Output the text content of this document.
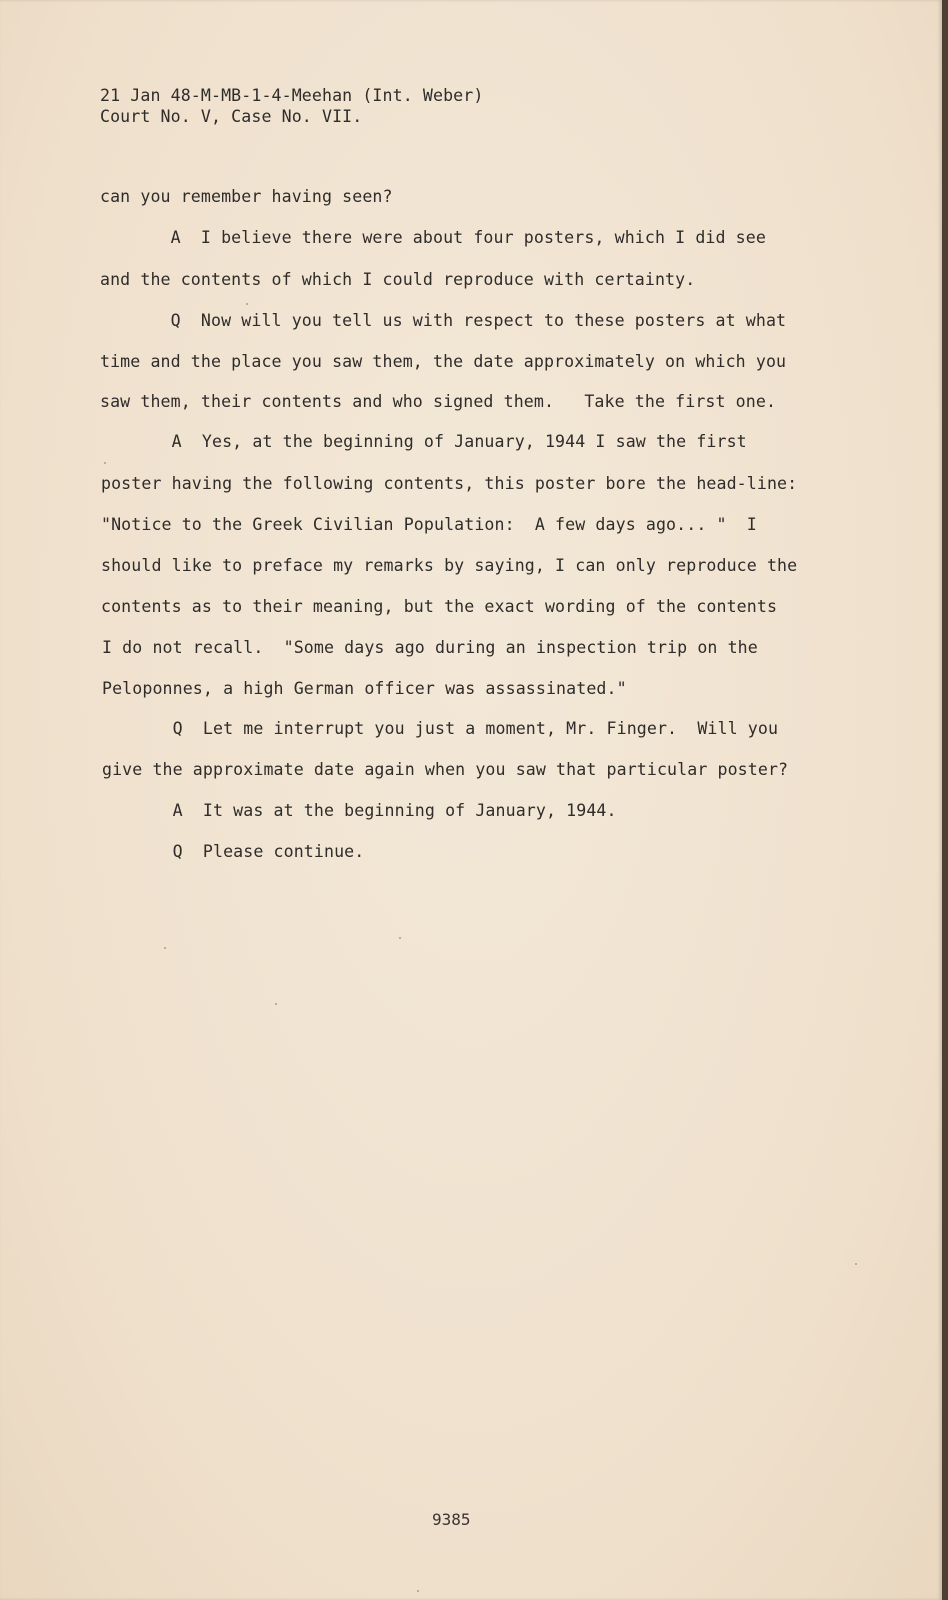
21 Jan 48-M-MB-1-4-Meehan (Int. Weber)

Court No. V, Case No. VII.

can you remember having seen?

A  I believe there were about four posters, which I did see

and the contents of which I could reproduce with certainty.

Q  Now will you tell us with respect to these posters at what

time and the place you saw them, the date approximately on which you

saw them, their contents and who signed them.   Take the first one.

A  Yes, at the beginning of January, 1944 I saw the first

poster having the following contents, this poster bore the head-line:

"Notice to the Greek Civilian Population:  A few days ago... "  I

should like to preface my remarks by saying, I can only reproduce the

contents as to their meaning, but the exact wording of the contents

I do not recall.  "Some days ago during an inspection trip on the

Peloponnes, a high German officer was assassinated."

Q  Let me interrupt you just a moment, Mr. Finger.  Will you

give the approximate date again when you saw that particular poster?

A  It was at the beginning of January, 1944.

Q  Please continue.

9385
